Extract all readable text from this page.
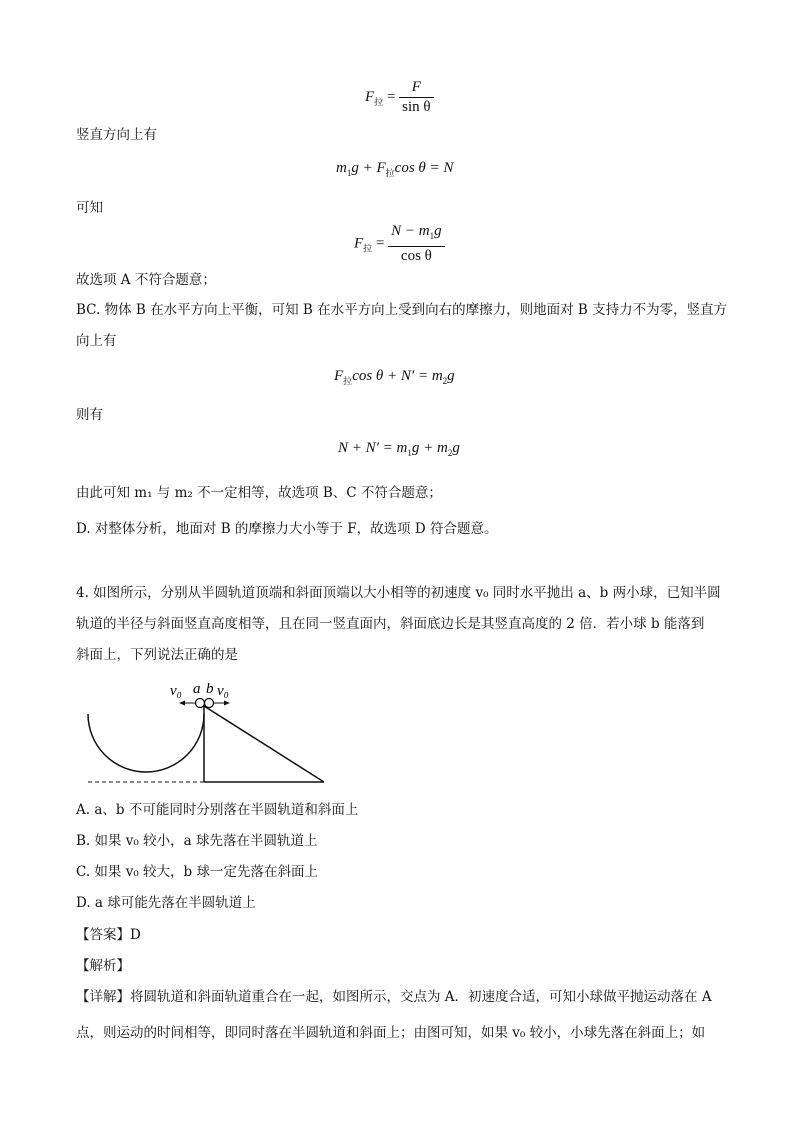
$F_拉 = \frac{F}{\text{sin θ}}$
竖直方向上有
$m_1g + F_拉\cos$ θ = N
可知
$F_拉 = \frac{N - m_1g}{\text{cos θ}}$
故选项 A 不符合题意；
BC. 物体 B 在水平方向上平衡，可知 B 在水平方向上受到向右的摩擦力，则地面对 B 支持力不为零，竖直方
向上有
$F_拉\cos$ $\theta + N' = m_2g$
则有
$N + N' = m_1g + m_2g$
由此可知 m₁ 与 m₂ 不一定相等，故选项 B、C 不符合题意；
D. 对整体分析，地面对 B 的摩擦力大小等于 F，故选项 D 符合题意。
4. 如图所示，分别从半圆轨道顶端和斜面顶端以大小相等的初速度 v₀ 同时水平抛出 a、b 两小球，已知半圆
轨道的半径与斜面竖直高度相等，且在同一竖直面内，斜面底边长是其竖直高度的 2 倍．若小球 b 能落到
斜面上，下列说法正确的是
v₀ a b v₀
A. a、b 不可能同时分别落在半圆轨道和斜面上
B. 如果 v₀ 较小，a 球先落在半圆轨道上
C. 如果 v₀ 较大，b 球一定先落在斜面上
D. a 球可能先落在半圆轨道上
【答案】D
【解析】
【详解】将圆轨道和斜面轨道重合在一起，如图所示，交点为 A．初速度合适，可知小球做平抛运动落在 A
点，则运动的时间相等，即同时落在半圆轨道和斜面上；由图可知，如果 v₀ 较小，小球先落在斜面上；如
